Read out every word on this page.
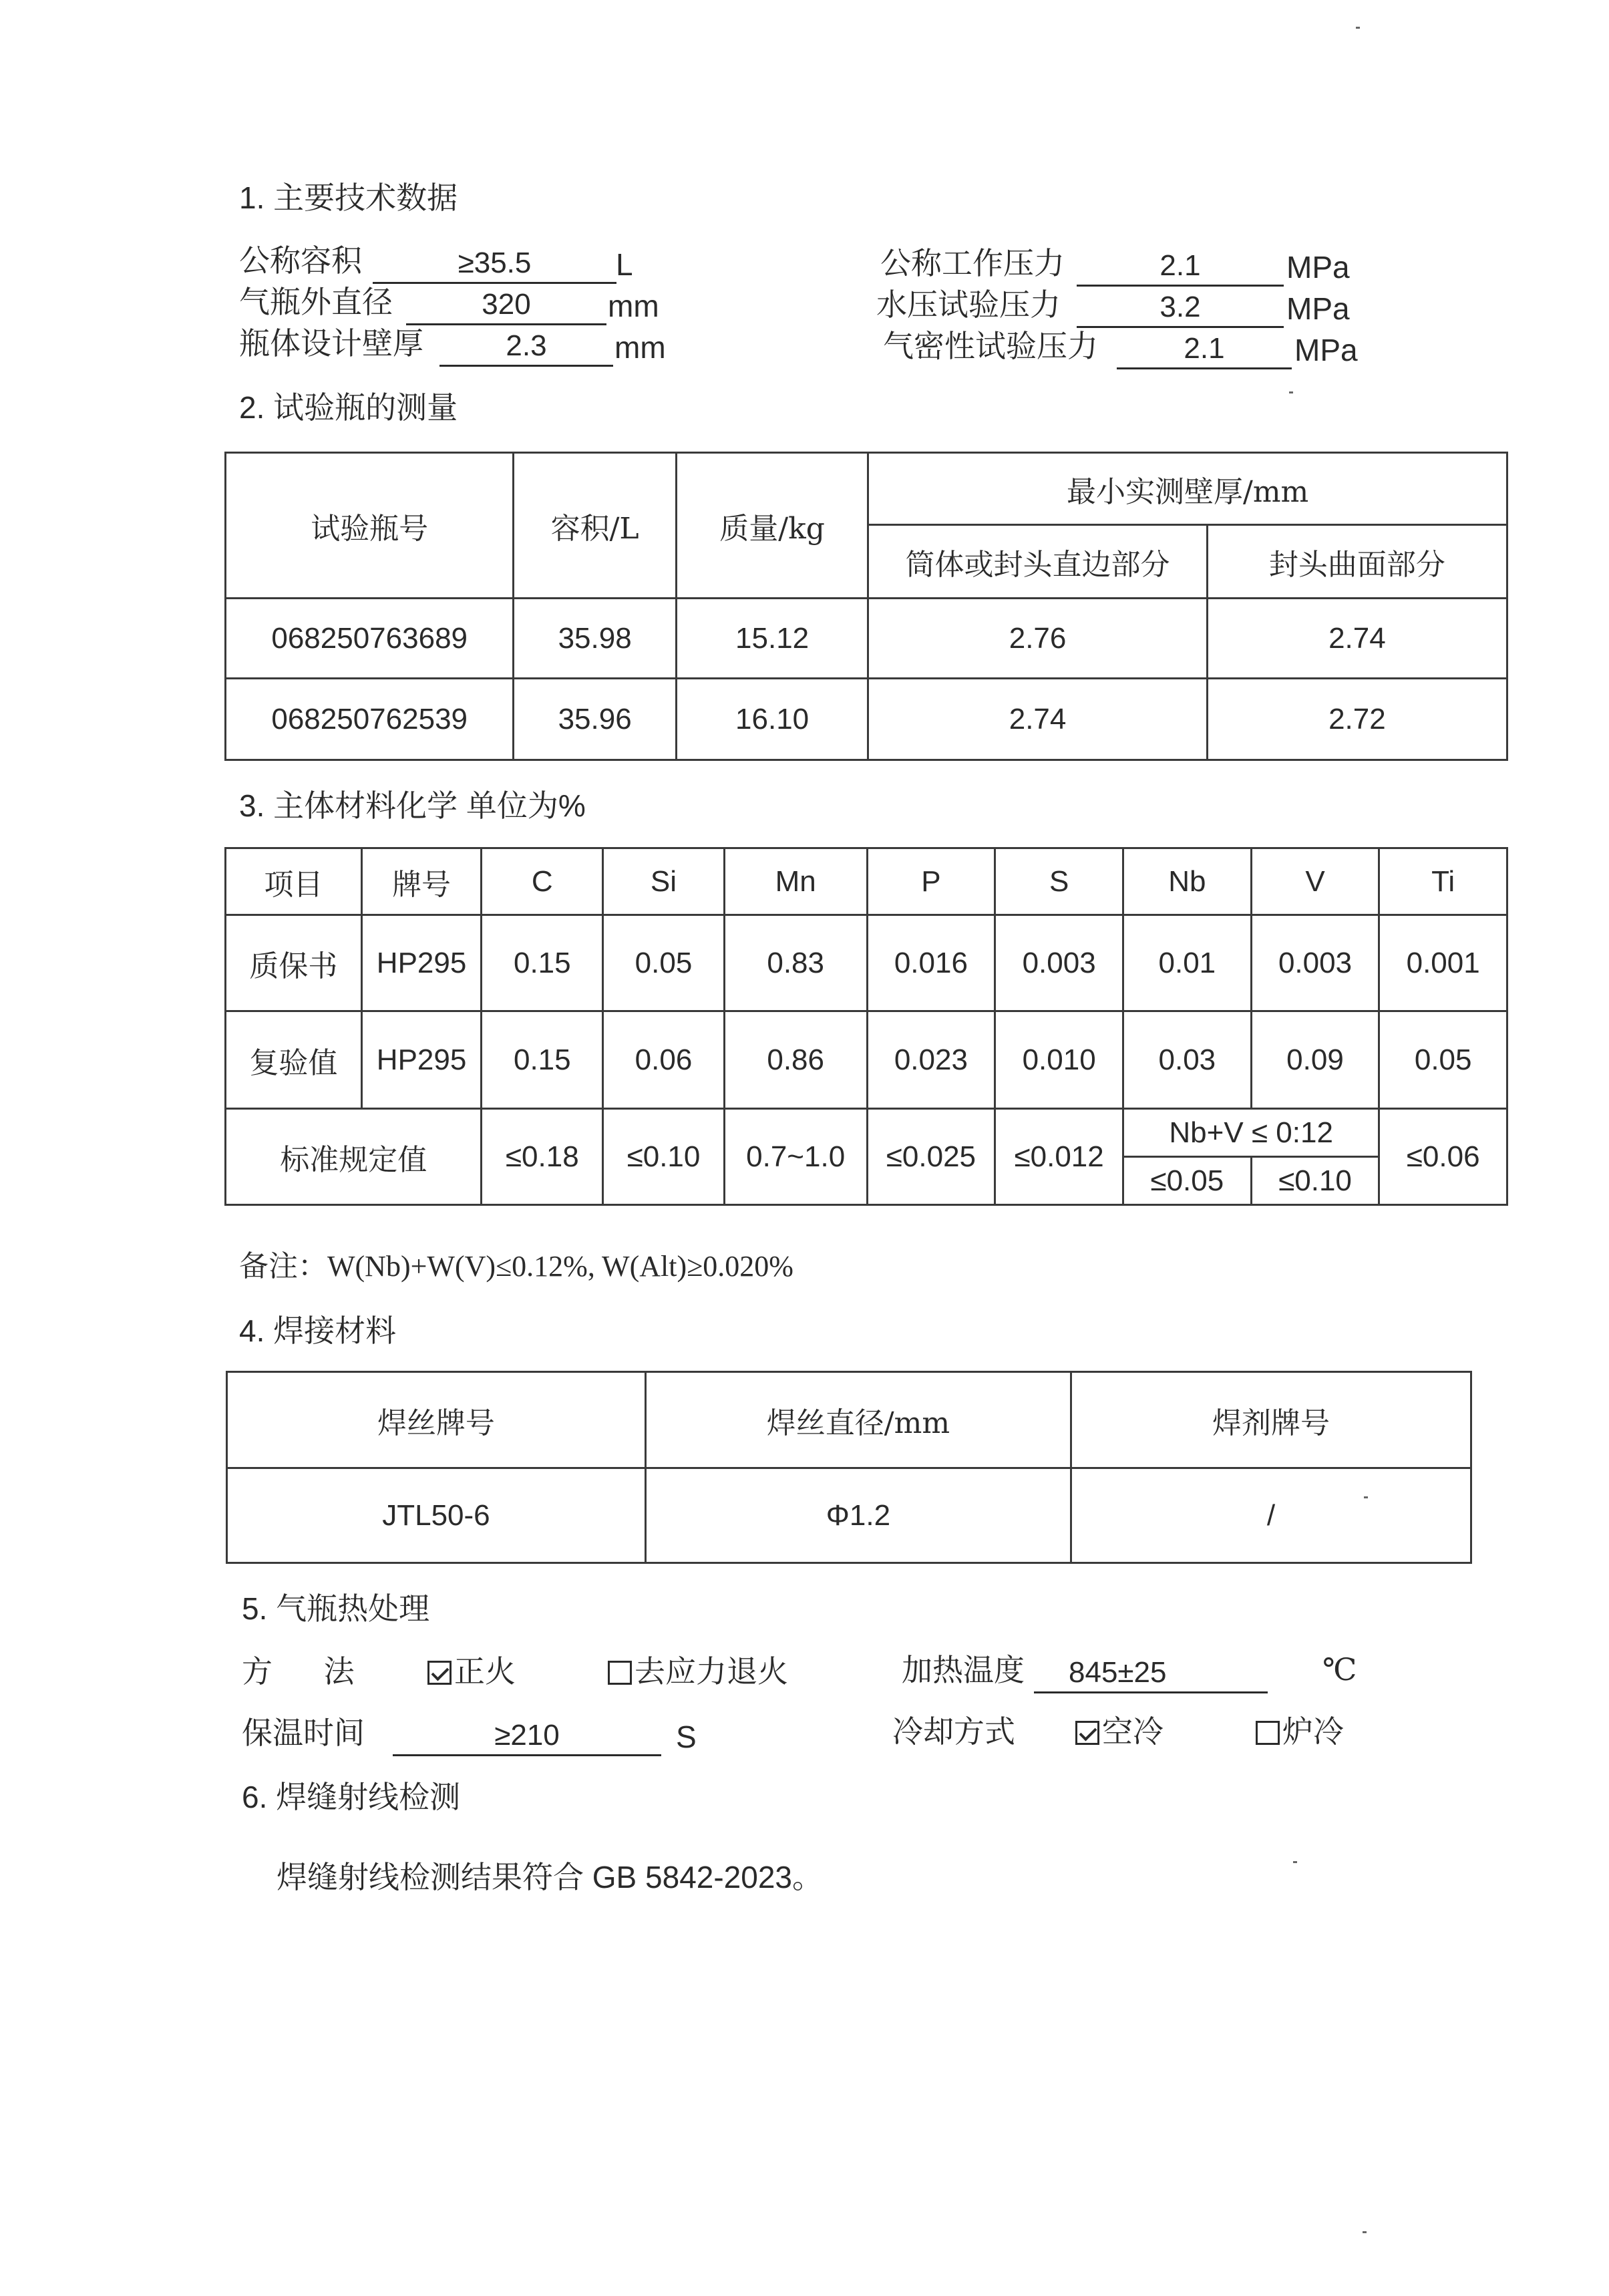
1. 主要技术数据
公称容积	≥35.5	L
气瓶外直径	320	mm
瓶体设计壁厚	2.3	mm
公称工作压力	2.1	MPa
水压试验压力	3.2	MPa
气密性试验压力	2.1	MPa
2. 试验瓶的测量
试验瓶号	容积/L	质量/kg	最小实测壁厚/mm	
			筒体或封头直边部分	封头曲面部分
068250763689	35.98	15.12	2.76	2.74
068250762539	35.96	16.10	2.74	2.72
3. 主体材料化学 单位为%
项目	牌号	C	Si	Mn	P	S	Nb	V	Ti
质保书	HP295	0.15	0.05	0.83	0.016	0.003	0.01	0.003	0.001
复验值	HP295	0.15	0.06	0.86	0.023	0.010	0.03	0.09	0.05
标准规定值		≤0.18	≤0.10	0.7~1.0	≤0.025	≤0.012	Nb+V ≤ 0:12		≤0.06
							≤0.05	≤0.10	
备注：W(Nb)+W(V)≤0.12%, W(Alt)≥0.020%
4. 焊接材料
焊丝牌号	焊丝直径/mm	焊剂牌号
JTL50-6	Φ1.2	/
5. 气瓶热处理
方      法	正火	去应力退火	加热温度	845±25	℃
保温时间	≥210	S	冷却方式	空冷	炉冷
6. 焊缝射线检测
焊缝射线检测结果符合 GB 5842-2023。
